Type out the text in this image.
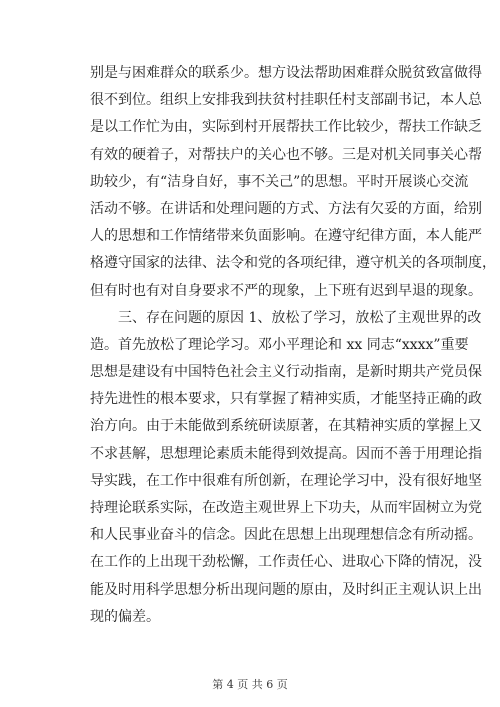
别是与困难群众的联系少。想方设法帮助困难群众脱贫致富做得
很不到位。组织上安排我到扶贫村挂职任村支部副书记，本人总
是以工作忙为由，实际到村开展帮扶工作比较少，帮扶工作缺乏
有效的硬着子，对帮扶户的关心也不够。三是对机关同事关心帮
助较少，有“洁身自好，事不关己”的思想。平时开展谈心交流
活动不够。在讲话和处理问题的方式、方法有欠妥的方面，给别
人的思想和工作情绪带来负面影响。在遵守纪律方面，本人能严
格遵守国家的法律、法令和党的各项纪律，遵守机关的各项制度，
但有时也有对自身要求不严的现象，上下班有迟到早退的现象。
　　三、存在问题的原因 1、放松了学习，放松了主观世界的改
造。首先放松了理论学习。邓小平理论和 xx 同志“xxxx”重要
思想是建设有中国特色社会主义行动指南，是新时期共产党员保
持先进性的根本要求，只有掌握了精神实质，才能坚持正确的政
治方向。由于未能做到系统研读原著，在其精神实质的掌握上又
不求甚解，思想理论素质未能得到效提高。因而不善于用理论指
导实践，在工作中很难有所创新，在理论学习中，没有很好地坚
持理论联系实际，在改造主观世界上下功夫，从而牢固树立为党
和人民事业奋斗的信念。因此在思想上出现理想信念有所动摇。
在工作的上出现干劲松懈，工作责任心、进取心下降的情况，没
能及时用科学思想分析出现问题的原由，及时纠正主观认识上出
现的偏差。
第 4 页 共 6 页
